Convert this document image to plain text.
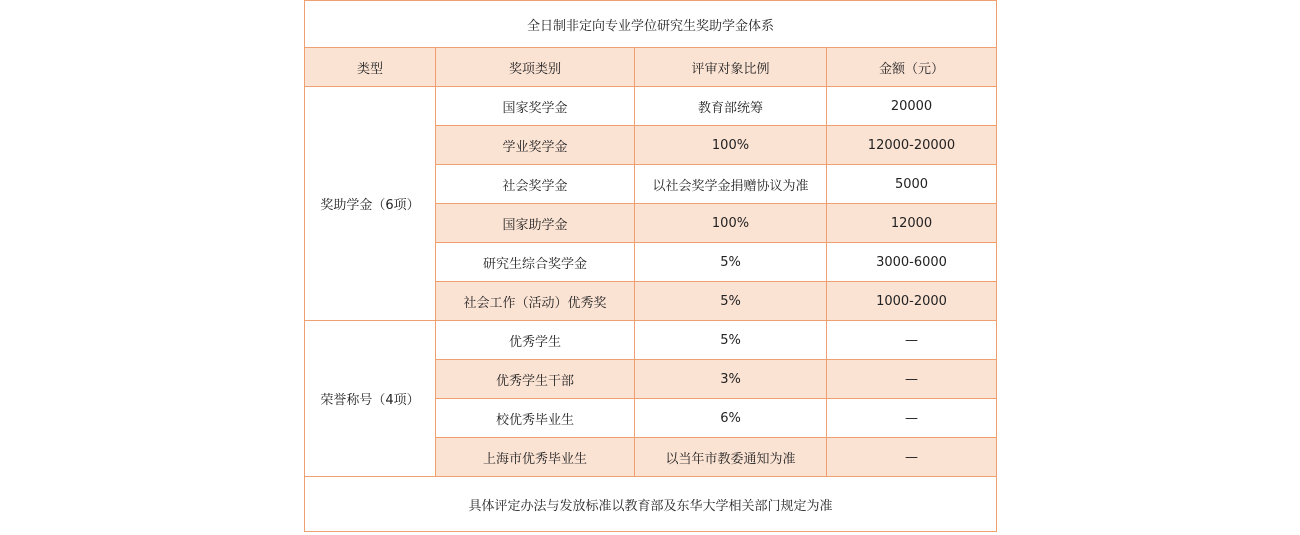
全日制非定向专业学位研究生奖助学金体系			
类型	奖项类别	评审对象比例	金额（元）
奖助学金（6项）	国家奖学金	教育部统筹	20000
	学业奖学金	100%	12000-20000
	社会奖学金	以社会奖学金捐赠协议为准	5000
	国家助学金	100%	12000
	研究生综合奖学金	5%	3000-6000
	社会工作（活动）优秀奖	5%	1000-2000
荣誉称号（4项）	优秀学生	5%	—
	优秀学生干部	3%	—
	校优秀毕业生	6%	—
	上海市优秀毕业生	以当年市教委通知为准	—
具体评定办法与发放标准以教育部及东华大学相关部门规定为准			
